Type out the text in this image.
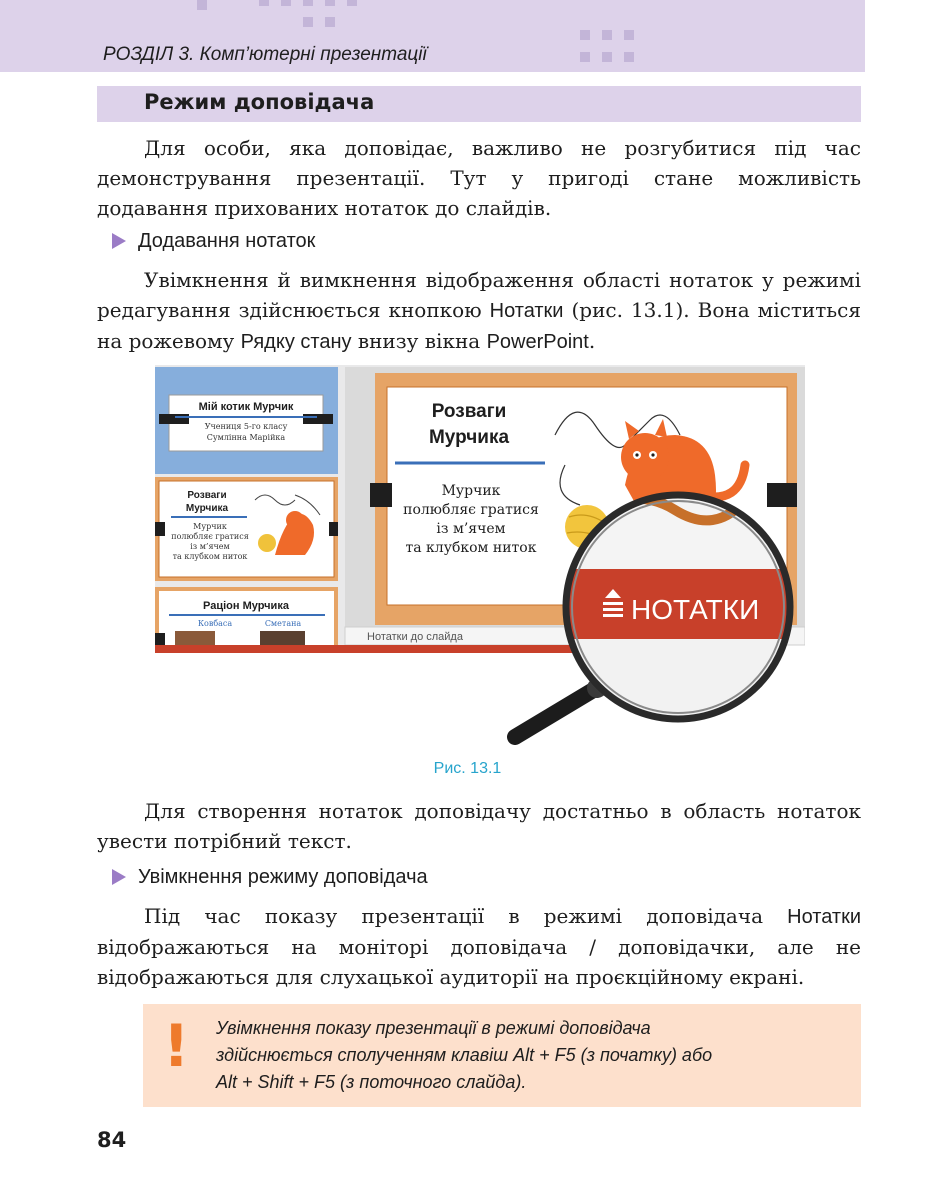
РОЗДІЛ 3. Комп’ютерні презентації
Режим доповідача

Для особи, яка доповідає, важливо не розгубитися під час демонстрування презентації. Тут у пригоді стане можливість додавання прихованих нотаток до слайдів.

Додавання нотаток

Увімкнення й вимкнення відображення області нотаток у режимі редагування здійснюється кнопкою Нотатки (рис. 13.1). Вона міститься на рожевому Рядку стану внизу вікна PowerPoint.

Мій котик Мурчик
Учениця 5-го класу
Сумлінна Марійка
Розваги
Мурчика
Мурчик
полюбляє гратися
із м’ячем
та клубком ниток
Раціон Мурчика
Ковбаса	Сметана
Розваги
Мурчика
Мурчик
полюбляє гратися
із м’ячем
та клубком ниток
Нотатки до слайда
НОТАТКИ
Рис. 13.1

Для створення нотаток доповідачу достатньо в область нотаток увести потрібний текст.

Увімкнення режиму доповідача

Під час показу презентації в режимі доповідача Нотатки відображаються на моніторі доповідача / доповідачки, але не відображаються для слухацької аудиторії на проєкційному екрані.

! Увімкнення показу презентації в режимі доповідача
здійснюється сполученням клавіш Alt + F5 (з початку) або
Alt + Shift + F5 (з поточного слайда).

84
